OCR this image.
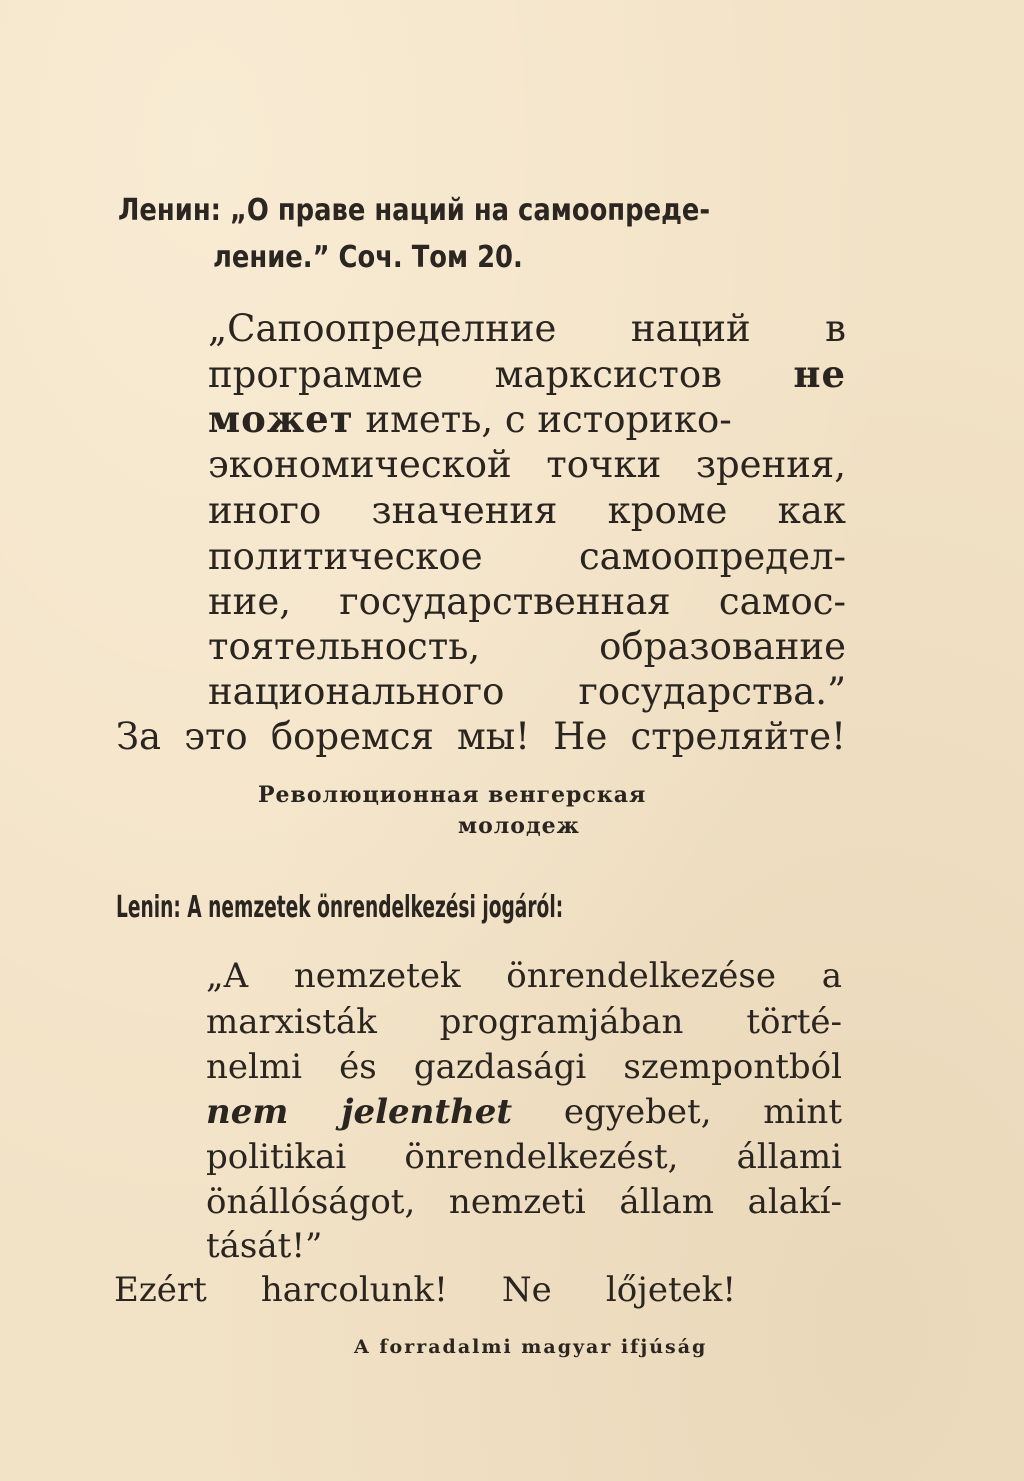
Ленин: „О праве наций на самоопреде-
ление.” Соч. Том 20.
„Сапоопределние наций в
программе марксистов не
может иметь, с историко-
экономической точки зрения,
иного значения кроме как
политическое самоопредел-
ние, государственная самос-
тоятельность, образование
национального государства.”
За это боремся мы! Не стреляйте!
Революционная венгерская
молодеж
Lenin: A nemzetek önrendelkezési jogáról:
„A nemzetek önrendelkezése a
marxisták programjában törté-
nelmi és gazdasági szempontból
nem jelenthet egyebet, mint
politikai önrendelkezést, állami
önállóságot, nemzeti állam alakí-
tását!”
Ezért harcolunk! Ne lőjetek!
A forradalmi magyar ifjúság
